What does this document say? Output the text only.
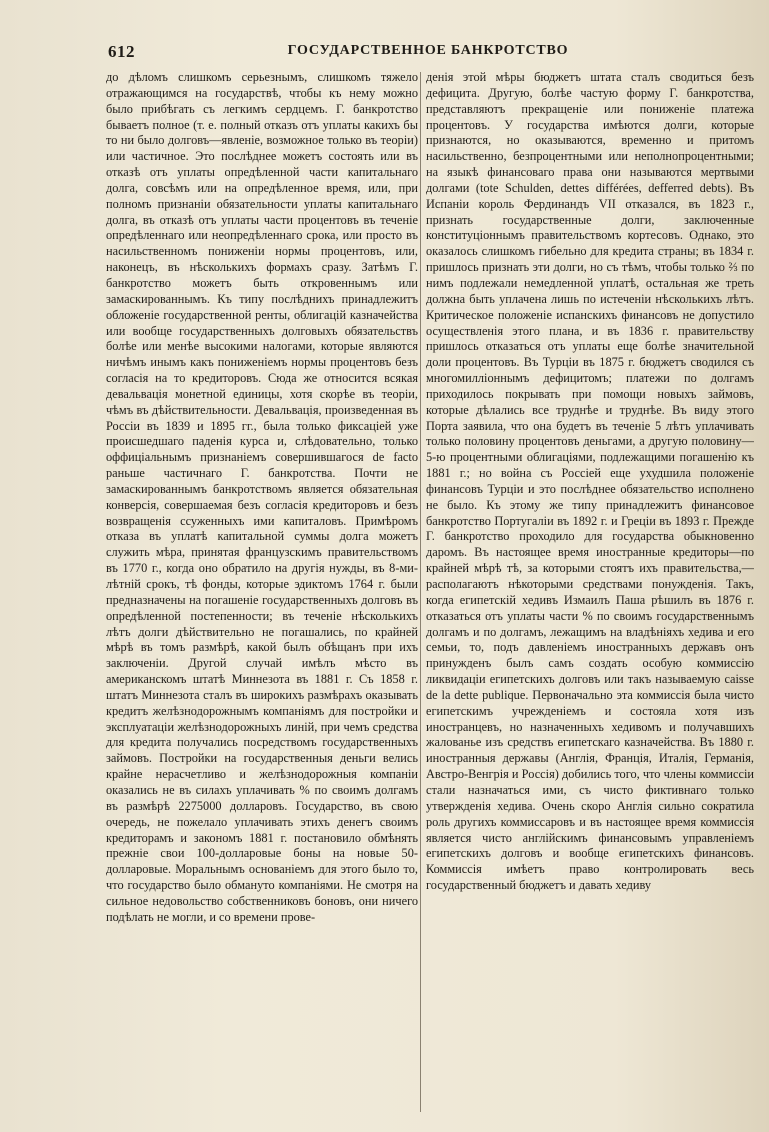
612	ГОСУДАРСТВЕННОЕ БАНКРОТСТВО

до дѣломъ слишкомъ серьезнымъ, слишкомъ тяжело отражающимся на государствѣ, чтобы къ нему можно было прибѣгать съ легкимъ сердцемъ. Г. банкротство бываетъ полное (т. е. полный отказъ отъ уплаты какихъ бы то ни было долговъ—явленіе, возможное только въ теоріи) или частичное. Это послѣднее можетъ состоять или въ отказѣ отъ уплаты опредѣленной части капитальнаго долга, совсѣмъ или на опредѣленное время, или, при полномъ признаніи обязательности уплаты капитальнаго долга, въ отказѣ отъ уплаты части процентовъ въ теченіе опредѣленнаго или неопредѣленнаго срока, или просто въ насильственномъ пониженіи нормы процентовъ, или, наконецъ, въ нѣсколькихъ формахъ сразу. Затѣмъ Г. банкротство можетъ быть откровеннымъ или замаскированнымъ. Къ типу послѣднихъ принадлежитъ обложеніе государственной ренты, облигацій казначейства или вообще государственныхъ долговыхъ обязательствъ болѣе или менѣе высокими налогами, которые являются ничѣмъ инымъ какъ пониженіемъ нормы процентовъ безъ согласія на то кредиторовъ. Сюда же относится всякая девальвація монетной единицы, хотя скорѣе въ теоріи, чѣмъ въ дѣйствительности. Девальвація, произведенная въ Россіи въ 1839 и 1895 гг., была только фиксаціей уже происшедшаго паденія курса и, слѣдовательно, только оффиціальнымъ признаніемъ совершившагося de facto раньше частичнаго Г. банкротства. Почти не замаскированнымъ банкротствомъ является обязательная конверсія, совершаемая безъ согласія кредиторовъ и безъ возвращенія ссуженныхъ ими капиталовъ. Примѣромъ отказа въ уплатѣ капитальной суммы долга можетъ служить мѣра, принятая французскимъ правительствомъ въ 1770 г., когда оно обратило на другія нужды, въ 8-ми-лѣтній срокъ, тѣ фонды, которые эдиктомъ 1764 г. были предназначены на погашеніе государственныхъ долговъ въ опредѣленной постепенности; въ теченіе нѣсколькихъ лѣтъ долги дѣйствительно не погашались, по крайней мѣрѣ въ томъ размѣрѣ, какой былъ обѣщанъ при ихъ заключеніи. Другой случай имѣлъ мѣсто въ американскомъ штатѣ Миннезота въ 1881 г. Съ 1858 г. штатъ Миннезота сталъ въ широкихъ размѣрахъ оказывать кредитъ желѣзнодорожнымъ компаніямъ для постройки и эксплуатаціи желѣзнодорожныхъ линій, при чемъ средства для кредита получались посредствомъ государственныхъ займовъ. Постройки на государственныя деньги велись крайне нерасчетливо и желѣзнодорожныя компаніи оказались не въ силахъ уплачивать % по своимъ долгамъ въ размѣрѣ 2275000 долларовъ. Государство, въ свою очередь, не пожелало уплачивать этихъ денегъ своимъ кредиторамъ и закономъ 1881 г. постановило обмѣнять прежніе свои 100-долларовые боны на новые 50-долларовые. Моральнымъ основаніемъ для этого было то, что государство было обмануто компаніями. Не смотря на сильное недовольство собственниковъ боновъ, они ничего подѣлать не могли, и со времени прове-

денія этой мѣры бюджетъ штата сталъ сводиться безъ дефицита. Другую, болѣе частую форму Г. банкротства, представляютъ прекращеніе или пониженіе платежа процентовъ. У государства имѣются долги, которые признаются, но оказываются, временно и притомъ насильственно, безпроцентными или неполнопроцентными; на языкѣ финансоваго права они называются мертвыми долгами (tote Schulden, dettes différées, defferred debts). Въ Испаніи король Фердинандъ VII отказался, въ 1823 г., признать государственные долги, заключенные конституціоннымъ правительствомъ кортесовъ. Однако, это оказалось слишкомъ гибельно для кредита страны; въ 1834 г. пришлось признать эти долги, но съ тѣмъ, чтобы только ⅔ по нимъ подлежали немедленной уплатѣ, остальная же треть должна быть уплачена лишь по истеченіи нѣсколькихъ лѣтъ. Критическое положеніе испанскихъ финансовъ не допустило осуществленія этого плана, и въ 1836 г. правительству пришлось отказаться отъ уплаты еще болѣе значительной доли процентовъ. Въ Турціи въ 1875 г. бюджетъ сводился съ многомилліоннымъ дефицитомъ; платежи по долгамъ приходилось покрывать при помощи новыхъ займовъ, которые дѣлались все труднѣе и труднѣе. Въ виду этого Порта заявила, что она будетъ въ теченіе 5 лѣтъ уплачивать только половину процентовъ деньгами, а другую половину—5-ю процентными облигаціями, подлежащими погашенію къ 1881 г.; но война съ Россіей еще ухудшила положеніе финансовъ Турціи и это послѣднее обязательство исполнено не было. Къ этому же типу принадлежитъ финансовое банкротство Португаліи въ 1892 г. и Греціи въ 1893 г. Прежде Г. банкротство проходило для государства обыкновенно даромъ. Въ настоящее время иностранные кредиторы—по крайней мѣрѣ тѣ, за которыми стоятъ ихъ правительства,—располагаютъ нѣкоторыми средствами понужденія. Такъ, когда египетскій хедивъ Измаилъ Паша рѣшилъ въ 1876 г. отказаться отъ уплаты части % по своимъ государственнымъ долгамъ и по долгамъ, лежащимъ на владѣніяхъ хедива и его семьи, то, подъ давленіемъ иностранныхъ державъ онъ принужденъ былъ самъ создать особую коммиссію ликвидаціи египетскихъ долговъ или такъ называемую caisse de la dette publique. Первоначально эта коммиссія была чисто египетскимъ учрежденіемъ и состояла хотя изъ иностранцевъ, но назначенныхъ хедивомъ и получавшихъ жалованье изъ средствъ египетскаго казначейства. Въ 1880 г. иностранныя державы (Англія, Франція, Италія, Германія, Австро-Венгрія и Россія) добились того, что члены коммиссіи стали назначаться ими, съ чисто фиктивнаго только утвержденія хедива. Очень скоро Англія сильно сократила роль другихъ коммиссаровъ и въ настоящее время коммиссія является чисто англійскимъ финансовымъ управленіемъ египетскихъ долговъ и вообще египетскихъ финансовъ. Коммиссія имѣетъ право контролировать весь государственный бюджетъ и давать хедиву
